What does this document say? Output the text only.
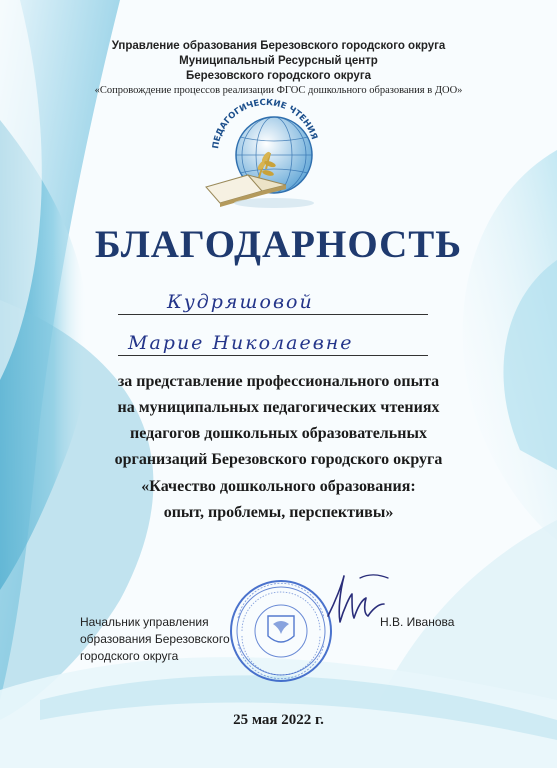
Управление образования Березовского городского округа
Муниципальный Ресурсный центр
Березовского городского округа
«Сопровождение процессов реализации ФГОС дошкольного образования в ДОО»
ПЕДАГОГИЧЕСКИЕ ЧТЕНИЯ
БЛАГОДАРНОСТЬ
Кудряшовой
Марие Николаевне
за представление профессионального опыта
на муниципальных педагогических чтениях
педагогов дошкольных образовательных
организаций Березовского городского округа
«Качество дошкольного образования:
опыт, проблемы, перспективы»
Начальник управления
образования Березовского
городского округа
Н.В. Иванова
25 мая 2022 г.
